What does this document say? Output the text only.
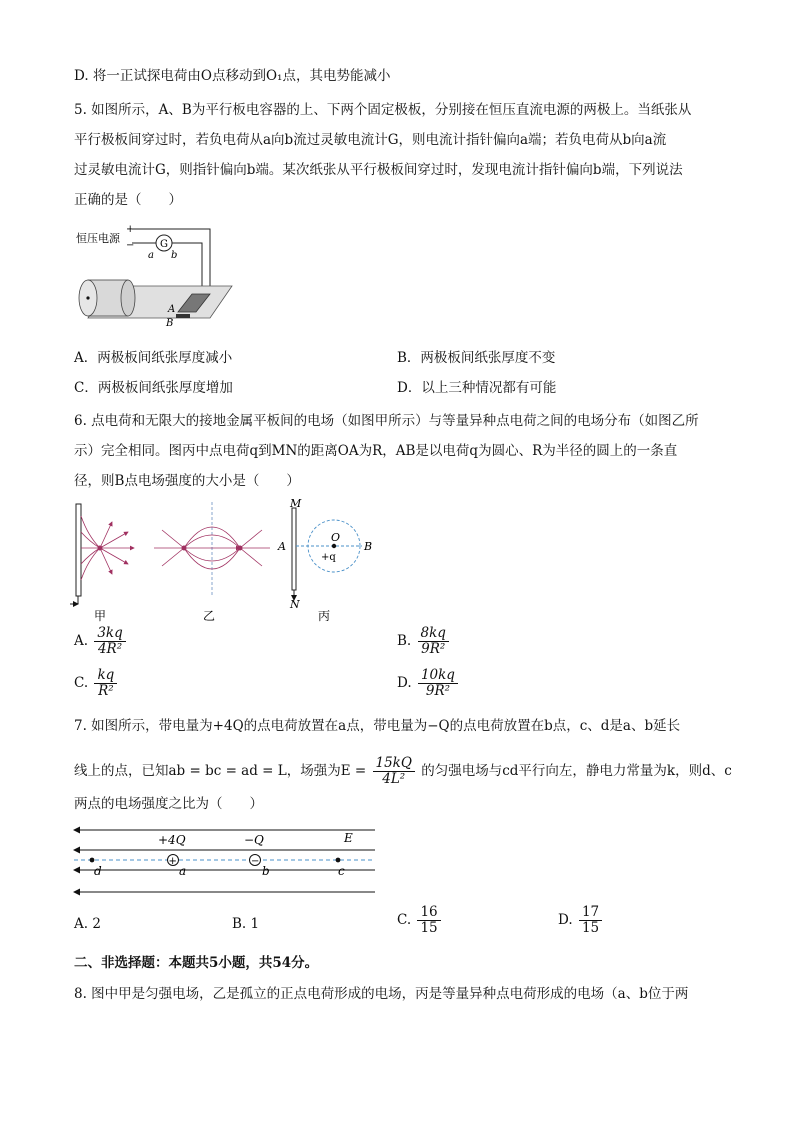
D. 将一正试探电荷由O点移动到O₁点，其电势能减小
5. 如图所示，A、B为平行板电容器的上、下两个固定极板，分别接在恒压直流电源的两极上。当纸张从
平行极板间穿过时，若负电荷从a向b流过灵敏电流计G，则电流计指针偏向a端；若负电荷从b向a流
过灵敏电流计G，则指针偏向b端。某次纸张从平行极板间穿过时，发现电流计指针偏向b端，下列说法
正确的是（　　）
恒压电源
+
−	G
a b
A
B
A．两极板间纸张厚度减小	B．两极板间纸张厚度不变
C．两极板间纸张厚度增加	D．以上三种情况都有可能
6. 点电荷和无限大的接地金属平板间的电场（如图甲所示）与等量异种点电荷之间的电场分布（如图乙所
示）完全相同。图丙中点电荷q到MN的距离OA为R，AB是以电荷q为圆心、R为半径的圆上的一条直
径，则B点电场强度的大小是（　　）
甲	乙
M
N
A
O
B
+q
丙
A. $\frac{3kq}{\text{4R²}}$	B. $\frac{8kq}{\text{9R²}}$
C. $\frac{kq}{\text{R²}}$	D. $\frac{10kq}{\text{9R²}}$
7. 如图所示，带电量为+4Q的点电荷放置在a点，带电量为−Q的点电荷放置在b点，c、d是a、b延长
线上的点，已知ab = bc = ad = L，场强为$E = \frac{15kQ}{\text{4L²}}$ 的匀强电场与cd平行向左，静电力常量为k，则d、c
两点的电场强度之比为（　　）
+	−
+4Q	−Q	E
d	a	b	c
A. 2	B. 1	C. $\frac{16}{15}$	D. $\frac{17}{15}$
二、非选择题：本题共5小题，共54分。
8. 图中甲是匀强电场，乙是孤立的正点电荷形成的电场，丙是等量异种点电荷形成的电场（a、b位于两
